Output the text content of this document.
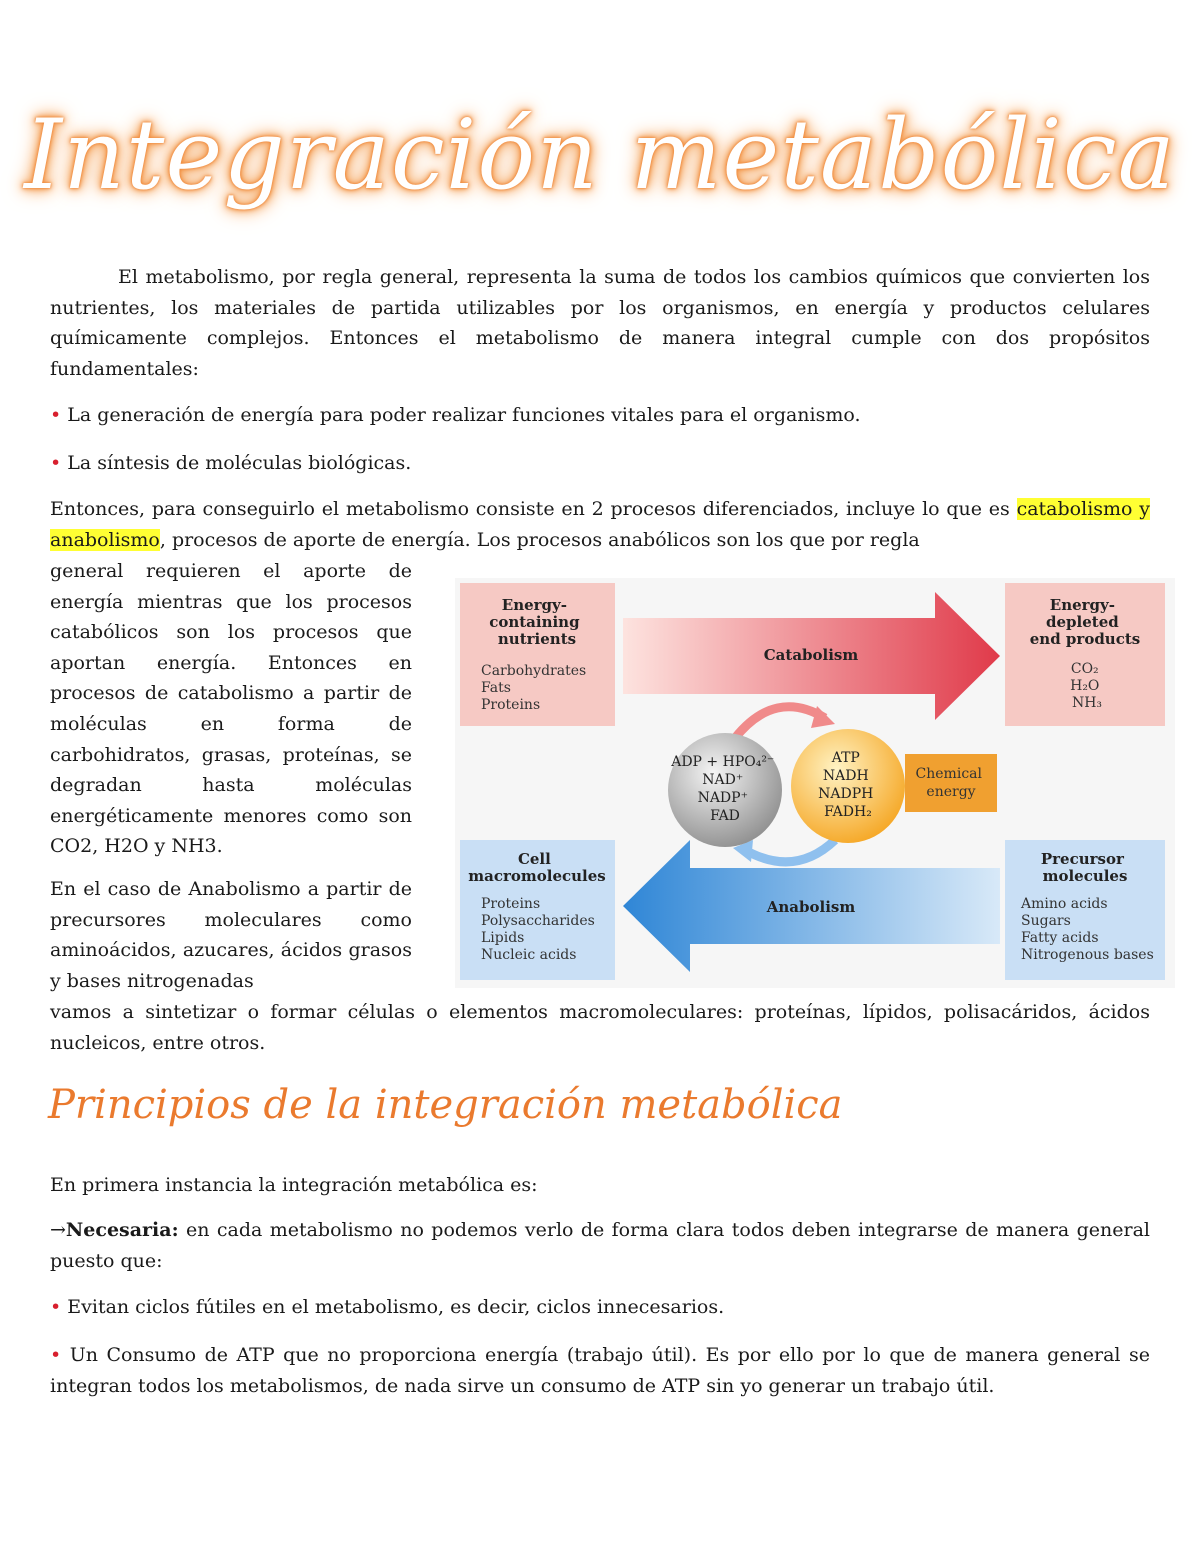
Integración metabólica
El metabolismo, por regla general, representa la suma de todos los cambios químicos que convierten los nutrientes, los materiales de partida utilizables por los organismos, en energía y productos celulares químicamente complejos. Entonces el metabolismo de manera integral cumple con dos propósitos fundamentales:
• La generación de energía para poder realizar funciones vitales para el organismo.
• La síntesis de moléculas biológicas.
Entonces, para conseguirlo el metabolismo consiste en 2 procesos diferenciados, incluye lo que es catabolismo y anabolismo, procesos de aporte de energía. Los procesos anabólicos son los que por regla
general requieren el aporte de energía mientras que los procesos catabólicos son los procesos que aportan energía. Entonces en procesos de catabolismo a partir de moléculas en forma de carbohidratos, grasas, proteínas, se degradan hasta moléculas energéticamente menores como son CO2, H2O y NH3.
En el caso de Anabolismo a partir de precursores moleculares como aminoácidos, azucares, ácidos grasos y bases nitrogenadas
vamos a sintetizar o formar células o elementos macromoleculares: proteínas, lípidos, polisacáridos, ácidos nucleicos, entre otros.
Catabolism
Anabolism
Energy- containing nutrients
Carbohydrates Fats Proteins
Energy- depleted end products
CO₂ H₂O NH₃
Cell macromolecules
Proteins Polysaccharides Lipids Nucleic acids
Precursor molecules
Amino acids Sugars Fatty acids Nitrogenous bases
ADP + HPO₄²⁻ NAD⁺ NADP⁺ FAD
ATP NADH NADPH FADH₂
Chemical energy
Principios de la integración metabólica
En primera instancia la integración metabólica es:
→Necesaria: en cada metabolismo no podemos verlo de forma clara todos deben integrarse de manera general puesto que:
• Evitan ciclos fútiles en el metabolismo, es decir, ciclos innecesarios.
• Un Consumo de ATP que no proporciona energía (trabajo útil). Es por ello por lo que de manera general se integran todos los metabolismos, de nada sirve un consumo de ATP sin yo generar un trabajo útil.
